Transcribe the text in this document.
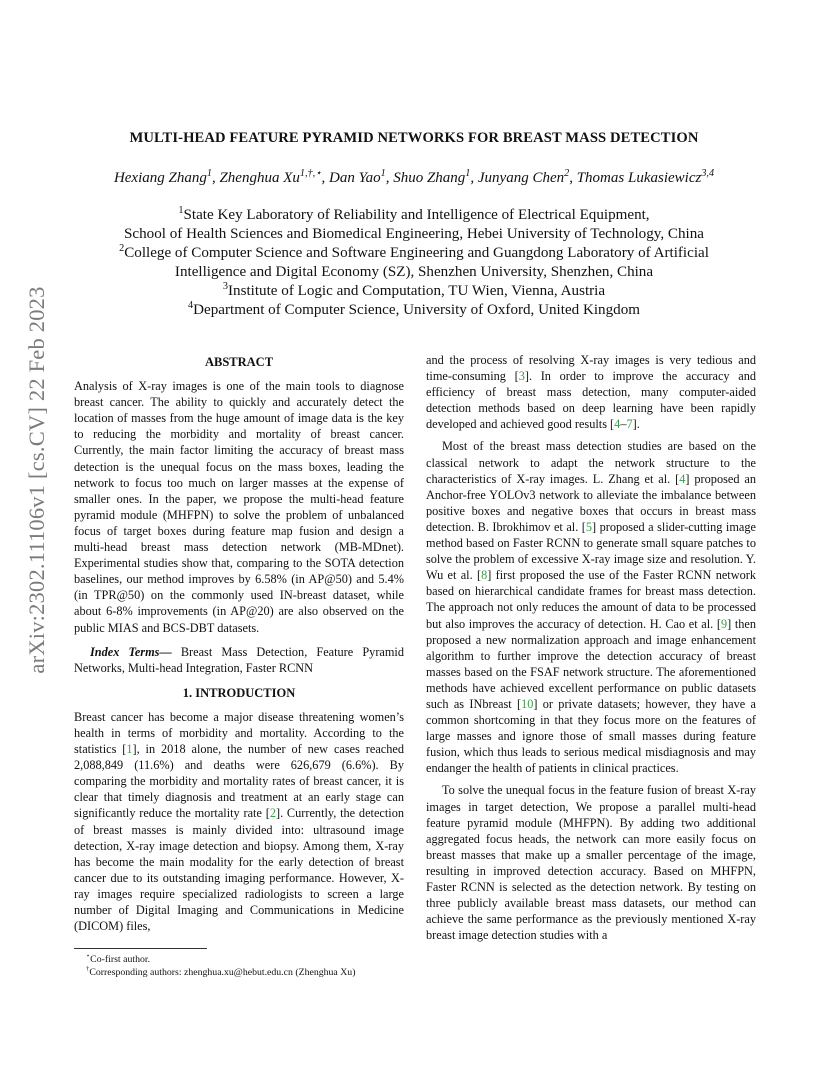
arXiv:2302.11106v1 [cs.CV] 22 Feb 2023
MULTI-HEAD FEATURE PYRAMID NETWORKS FOR BREAST MASS DETECTION
Hexiang Zhang$^1$, Zhenghua $Xu^{1,\dagger,⋆}$, Dan Yao$^1$, Shuo Zhang$^1$, Junyang Chen$^2$, Thomas Lukasiewicz$^{3,4}$
$^1$State Key Laboratory of Reliability and Intelligence of Electrical Equipment,
School of Health Sciences and Biomedical Engineering, Hebei University of Technology, China
$^2$College of Computer Science and Software Engineering and Guangdong Laboratory of Artificial
Intelligence and Digital Economy (SZ), Shenzhen University, Shenzhen, China
$^3$Institute of Logic and Computation, TU Wien, Vienna, Austria
$^4$Department of Computer Science, University of Oxford, United Kingdom
ABSTRACT

Analysis of X-ray images is one of the main tools to diagnose breast cancer. The ability to quickly and accurately detect the location of masses from the huge amount of image data is the key to reducing the morbidity and mortality of breast cancer. Currently, the main factor limiting the accuracy of breast mass detection is the unequal focus on the mass boxes, leading the network to focus too much on larger masses at the expense of smaller ones. In the paper, we propose the multi-head feature pyramid module (MHFPN) to solve the problem of unbalanced focus of target boxes during feature map fusion and design a multi-head breast mass detection network (MB-MDnet). Experimental studies show that, comparing to the SOTA detection baselines, our method improves by 6.58% (in AP@50) and 5.4% (in TPR@50) on the commonly used IN-breast dataset, while about 6-8% improvements (in AP@20) are also observed on the public MIAS and BCS-DBT datasets.

Index Terms— Breast Mass Detection, Feature Pyramid Networks, Multi-head Integration, Faster RCNN

1. INTRODUCTION

Breast cancer has become a major disease threatening women’s health in terms of morbidity and mortality. According to the statistics [1], in 2018 alone, the number of new cases reached 2,088,849 (11.6%) and deaths were 626,679 (6.6%). By comparing the morbidity and mortality rates of breast cancer, it is clear that timely diagnosis and treatment at an early stage can significantly reduce the mortality rate [2]. Currently, the detection of breast masses is mainly divided into: ultrasound image detection, X-ray image detection and biopsy. Among them, X-ray has become the main modality for the early detection of breast cancer due to its outstanding imaging performance. However, X-ray images require specialized radiologists to screen a large number of Digital Imaging and Communications in Medicine (DICOM) files,

and the process of resolving X-ray images is very tedious and time-consuming [3]. In order to improve the accuracy and efficiency of breast mass detection, many computer-aided detection methods based on deep learning have been rapidly developed and achieved good results [4–7].

Most of the breast mass detection studies are based on the classical network to adapt the network structure to the characteristics of X-ray images. L. Zhang et al. [4] proposed an Anchor-free YOLOv3 network to alleviate the imbalance between positive boxes and negative boxes that occurs in breast mass detection. B. Ibrokhimov et al. [5] proposed a slider-cutting image method based on Faster RCNN to generate small square patches to solve the problem of excessive X-ray image size and resolution. Y. Wu et al. [8] first proposed the use of the Faster RCNN network based on hierarchical candidate frames for breast mass detection. The approach not only reduces the amount of data to be processed but also improves the accuracy of detection. H. Cao et al. [9] then proposed a new normalization approach and image enhancement algorithm to further improve the detection accuracy of breast masses based on the FSAF network structure. The aforementioned methods have achieved excellent performance on public datasets such as INbreast [10] or private datasets; however, they have a common shortcoming in that they focus more on the features of large masses and ignore those of small masses during feature fusion, which thus leads to serious medical misdiagnosis and may endanger the health of patients in clinical practices.

To solve the unequal focus in the feature fusion of breast X-ray images in target detection, We propose a parallel multi-head feature pyramid module (MHFPN). By adding two additional aggregated focus heads, the network can more easily focus on breast masses that make up a smaller percentage of the image, resulting in improved detection accuracy. Based on MHFPN, Faster RCNN is selected as the detection network. By testing on three publicly available breast mass datasets, our method can achieve the same performance as the previously mentioned X-ray breast image detection studies with a

⋆Co-first author.
†Corresponding authors: zhenghua.xu@hebut.edu.cn (Zhenghua Xu)
